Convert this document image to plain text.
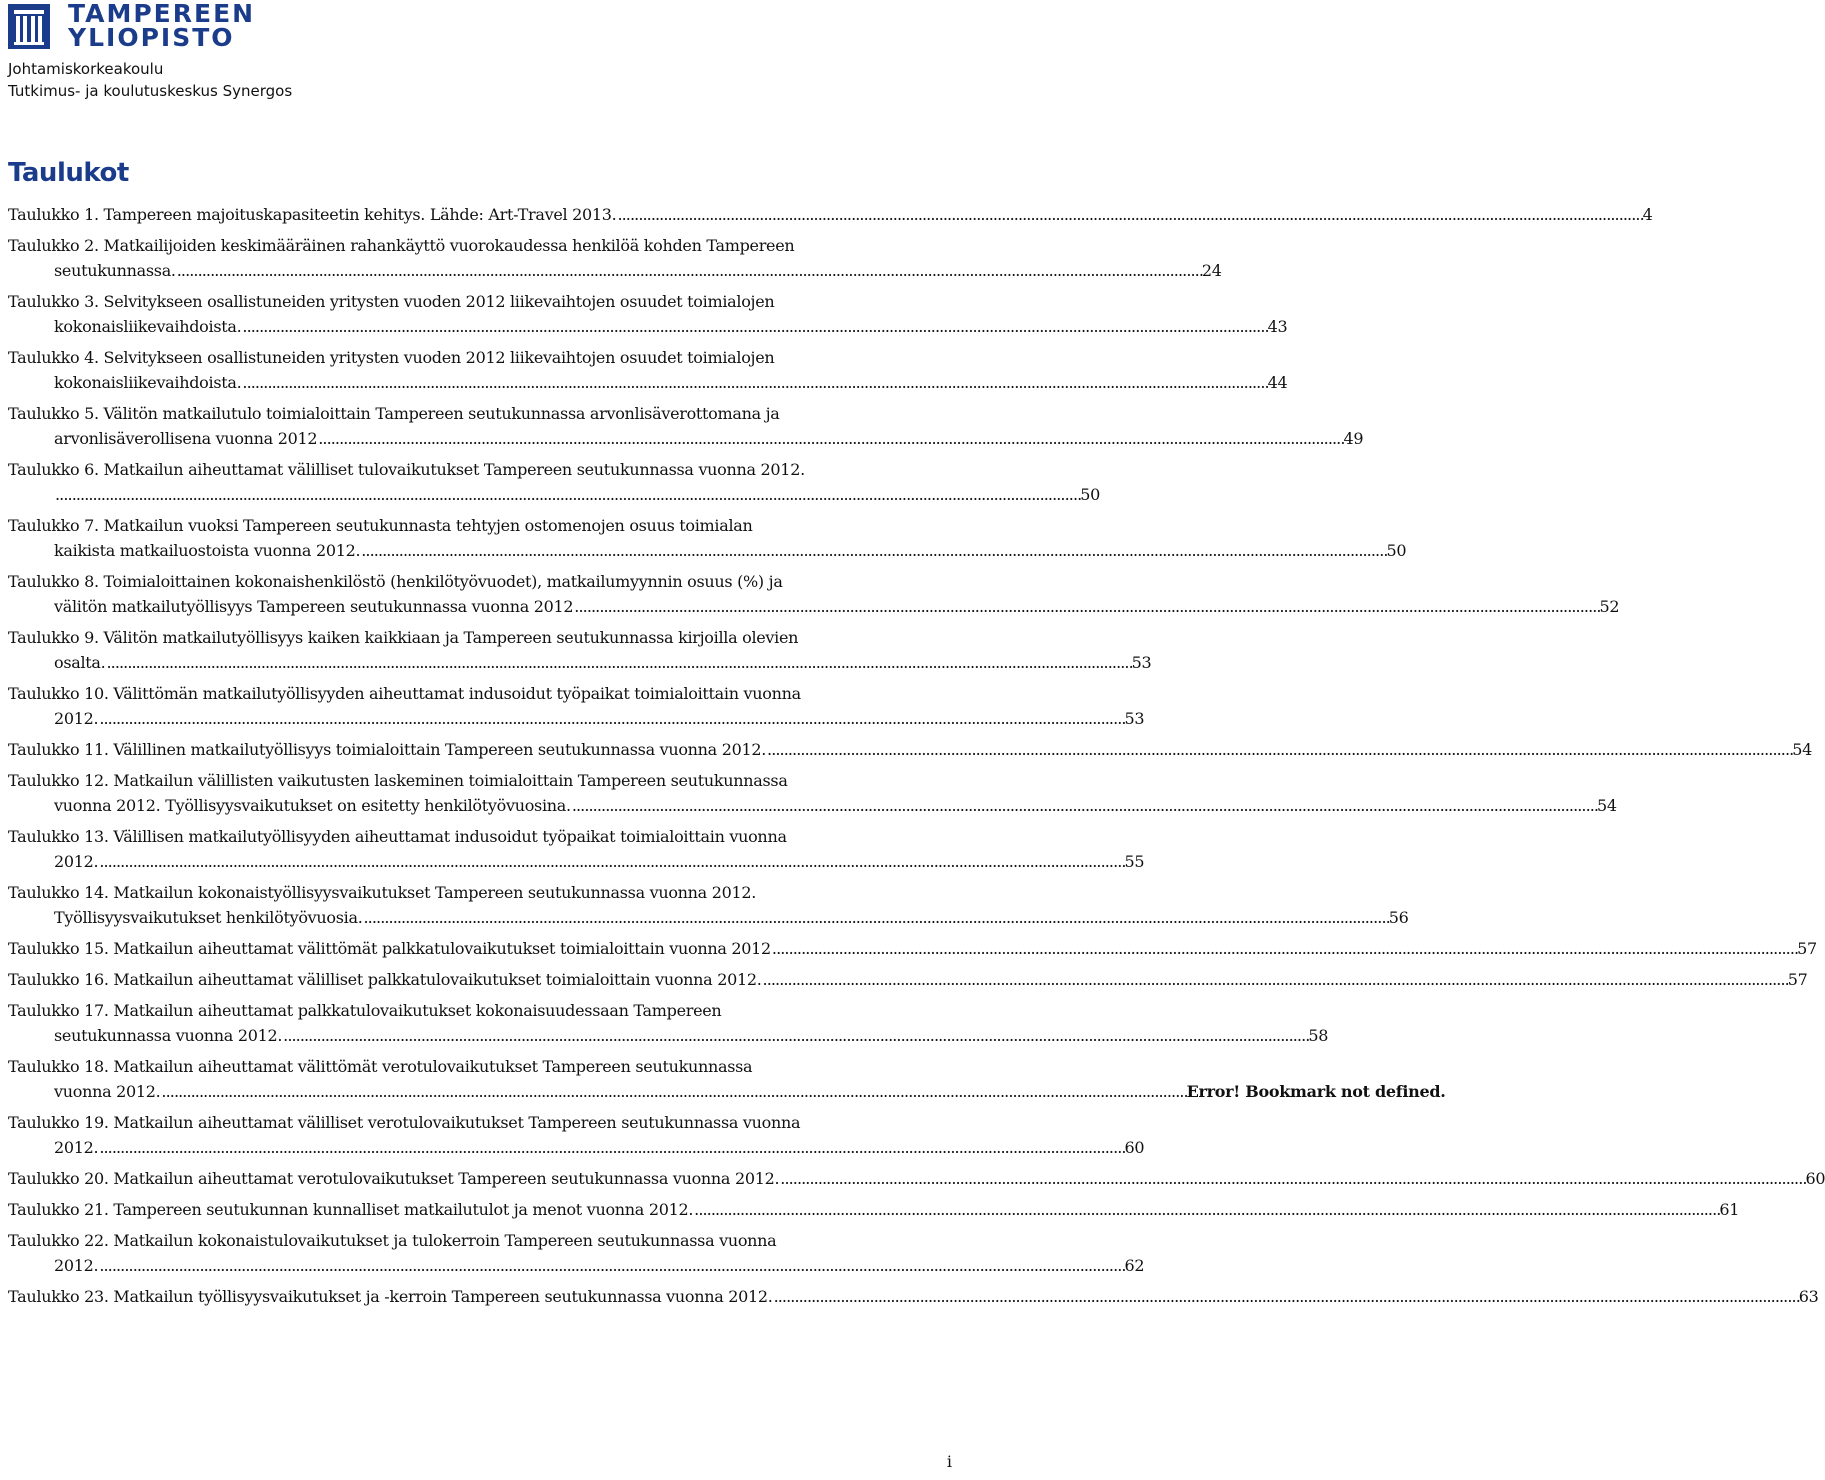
TAMPEREEN
YLIOPISTO
Johtamiskorkeakoulu
Tutkimus- ja koulutuskeskus Synergos
Taulukot
Taulukko 1. Tampereen majoituskapasiteetin kehitys. Lähde: Art-Travel 2013. . . .	4
Taulukko 2. Matkailijoiden keskimääräinen rahankäyttö vuorokaudessa henkilöä kohden Tampereen
seutukunnassa. . . .	24
Taulukko 3. Selvitykseen osallistuneiden yritysten vuoden 2012 liikevaihtojen osuudet toimialojen
kokonaisliikevaihdoista. . . .	43
Taulukko 4. Selvitykseen osallistuneiden yritysten vuoden 2012 liikevaihtojen osuudet toimialojen
kokonaisliikevaihdoista. . . .	44
Taulukko 5. Välitön matkailutulo toimialoittain Tampereen seutukunnassa arvonlisäverottomana ja
arvonlisäverollisena vuonna 2012 . . .	49
Taulukko 6. Matkailun aiheuttamat välilliset tulovaikutukset Tampereen seutukunnassa vuonna 2012.
. . . 50
Taulukko 7. Matkailun vuoksi Tampereen seutukunnasta tehtyjen ostomenojen osuus toimialan
kaikista matkailuostoista vuonna 2012. . . .	50
Taulukko 8. Toimialoittainen kokonaishenkilöstö (henkilötyövuodet), matkailumyynnin osuus (%) ja
välitön matkailutyöllisyys Tampereen seutukunnassa vuonna 2012 . . .	52
Taulukko 9. Välitön matkailutyöllisyys kaiken kaikkiaan ja Tampereen seutukunnassa kirjoilla olevien
osalta. . . .	53
Taulukko 10. Välittömän matkailutyöllisyyden aiheuttamat indusoidut työpaikat toimialoittain vuonna
2012. . . .	53
Taulukko 11. Välillinen matkailutyöllisyys toimialoittain Tampereen seutukunnassa vuonna 2012. . . .	54
Taulukko 12. Matkailun välillisten vaikutusten laskeminen toimialoittain Tampereen seutukunnassa
vuonna 2012. Työllisyysvaikutukset on esitetty henkilötyövuosina. . . .	54
Taulukko 13. Välillisen matkailutyöllisyyden aiheuttamat indusoidut työpaikat toimialoittain vuonna
2012. . . .	55
Taulukko 14. Matkailun kokonaistyöllisyysvaikutukset Tampereen seutukunnassa vuonna 2012.
Työllisyysvaikutukset henkilötyövuosia. . . .	56
Taulukko 15. Matkailun aiheuttamat välittömät palkkatulovaikutukset toimialoittain vuonna 2012 . . .	57
Taulukko 16. Matkailun aiheuttamat välilliset palkkatulovaikutukset toimialoittain vuonna 2012. . . .	57
Taulukko 17. Matkailun aiheuttamat palkkatulovaikutukset kokonaisuudessaan Tampereen
seutukunnassa vuonna 2012. . . .	58
Taulukko 18. Matkailun aiheuttamat välittömät verotulovaikutukset Tampereen seutukunnassa
vuonna 2012. . . .	Error! Bookmark not defined.
Taulukko 19. Matkailun aiheuttamat välilliset verotulovaikutukset Tampereen seutukunnassa vuonna
2012. . . .	60
Taulukko 20. Matkailun aiheuttamat verotulovaikutukset Tampereen seutukunnassa vuonna 2012. . . .	60
Taulukko 21. Tampereen seutukunnan kunnalliset matkailutulot ja menot vuonna 2012. . . .	61
Taulukko 22. Matkailun kokonaistulovaikutukset ja tulokerroin Tampereen seutukunnassa vuonna
2012. . . .	62
Taulukko 23. Matkailun työllisyysvaikutukset ja -kerroin Tampereen seutukunnassa vuonna 2012. . . .	63
i
